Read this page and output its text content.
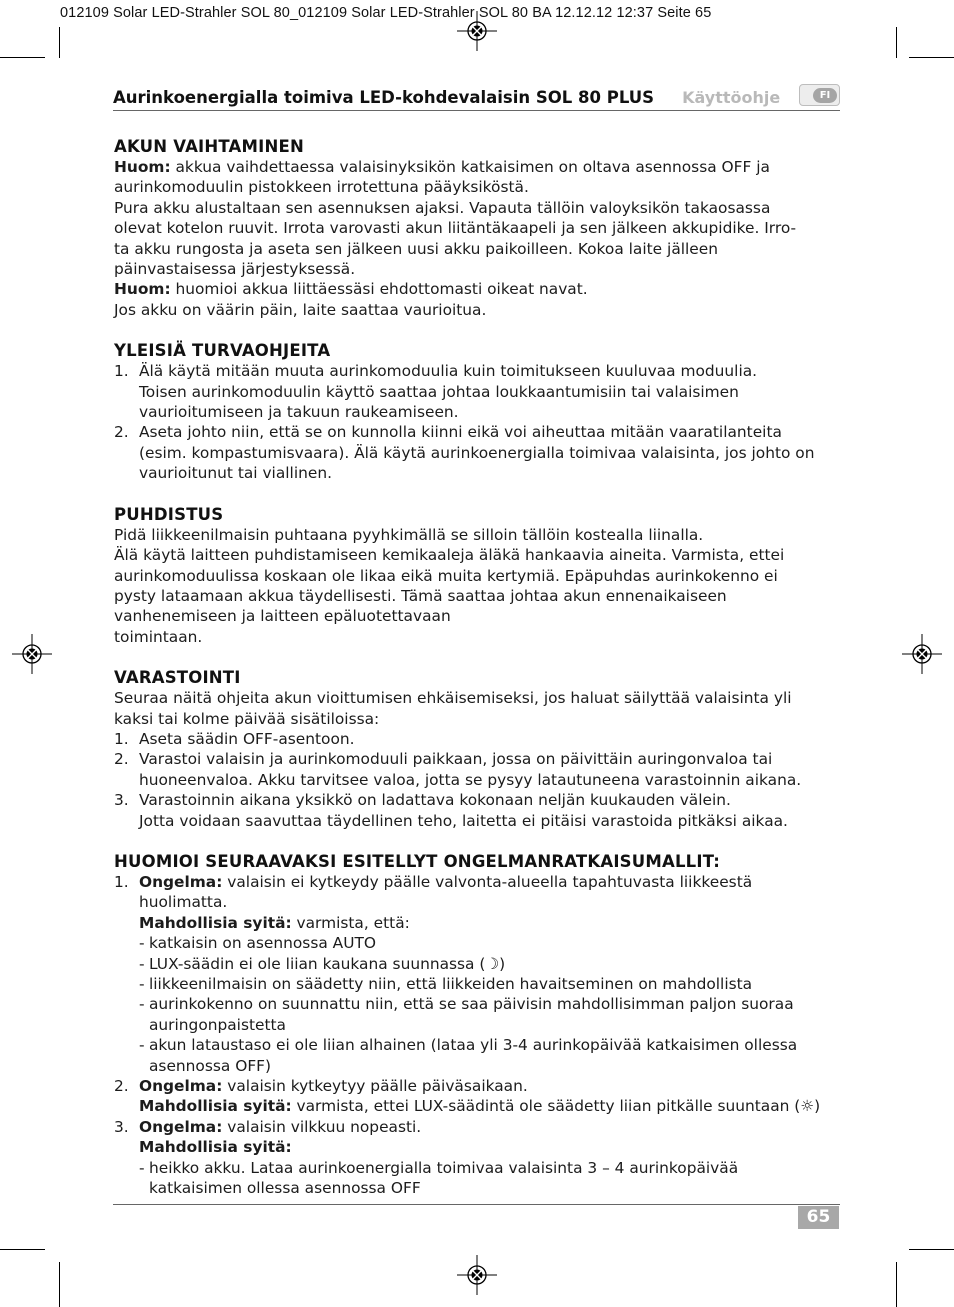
012109 Solar LED-Strahler SOL 80_012109 Solar LED-Strahler SOL 80 BA 12.12.12 12:37 Seite 65
Aurinkoenergialla toimiva LED-kohdevalaisin SOL 80 PLUS Käyttöohje	FI
AKUN VAIHTAMINEN

Huom: akkua vaihdettaessa valaisinyksikön katkaisimen on oltava asennossa OFF ja

aurinkomoduulin pistokkeen irrotettuna pääyksiköstä.

Pura akku alustaltaan sen asennuksen ajaksi. Vapauta tällöin valoyksikön takaosassa

olevat kotelon ruuvit. Irrota varovasti akun liitäntäkaapeli ja sen jälkeen akkupidike. Irro-

ta akku rungosta ja aseta sen jälkeen uusi akku paikoilleen. Kokoa laite jälleen

päinvastaisessa järjestyksessä.

Huom: huomioi akkua liittäessäsi ehdottomasti oikeat navat.

Jos akku on väärin päin, laite saattaa vaurioitua.

YLEISIÄ TURVAOHJEITA
1. Älä käytä mitään muuta aurinkomoduulia kuin toimitukseen kuuluvaa moduulia.

Toisen aurinkomoduulin käyttö saattaa johtaa loukkaantumisiin tai valaisimen

vaurioitumiseen ja takuun raukeamiseen.

2. Aseta johto niin, että se on kunnolla kiinni eikä voi aiheuttaa mitään vaaratilanteita

(esim. kompastumisvaara). Älä käytä aurinkoenergialla toimivaa valaisinta, jos johto on

vaurioitunut tai viallinen.

PUHDISTUS

Pidä liikkeenilmaisin puhtaana pyyhkimällä se silloin tällöin kostealla liinalla.

Älä käytä laitteen puhdistamiseen kemikaaleja äläkä hankaavia aineita. Varmista, ettei

aurinkomoduulissa koskaan ole likaa eikä muita kertymiä. Epäpuhdas aurinkokenno ei

pysty lataamaan akkua täydellisesti. Tämä saattaa johtaa akun ennenaikaiseen

vanhenemiseen ja laitteen epäluotettavaan

toimintaan.

VARASTOINTI

Seuraa näitä ohjeita akun vioittumisen ehkäisemiseksi, jos haluat säilyttää valaisinta yli

kaksi tai kolme päivää sisätiloissa:

1. Aseta säädin OFF-asentoon.

2. Varastoi valaisin ja aurinkomoduuli paikkaan, jossa on päivittäin auringonvaloa tai

huoneenvaloa. Akku tarvitsee valoa, jotta se pysyy latautuneena varastoinnin aikana.

3. Varastoinnin aikana yksikkö on ladattava kokonaan neljän kuukauden välein.

Jotta voidaan saavuttaa täydellinen teho, laitetta ei pitäisi varastoida pitkäksi aikaa.

HUOMIOI SEURAAVAKSI ESITELLYT ONGELMANRATKAISUMALLIT:
1. Ongelma: valaisin ei kytkeydy päälle valvonta-alueella tapahtuvasta liikkeestä huolimatta.

Mahdollisia syitä: varmista, että:

- katkaisin on asennossa AUTO

- LUX-säädin ei ole liian kaukana suunnassa (☽)

- liikkeenilmaisin on säädetty niin, että liikkeiden havaitseminen on mahdollista

- aurinkokenno on suunnattu niin, että se saa päivisin mahdollisimman paljon suoraa

auringonpaistetta

- akun lataustaso ei ole liian alhainen (lataa yli 3-4 aurinkopäivää katkaisimen ollessa

asennossa OFF)

2. Ongelma: valaisin kytkeytyy päälle päiväsaikaan.

Mahdollisia syitä: varmista, ettei LUX-säädintä ole säädetty liian pitkälle suuntaan (☼)

3. Ongelma: valaisin vilkkuu nopeasti.

Mahdollisia syitä:

- heikko akku. Lataa aurinkoenergialla toimivaa valaisinta 3 – 4 aurinkopäivää

katkaisimen ollessa asennossa OFF

65
